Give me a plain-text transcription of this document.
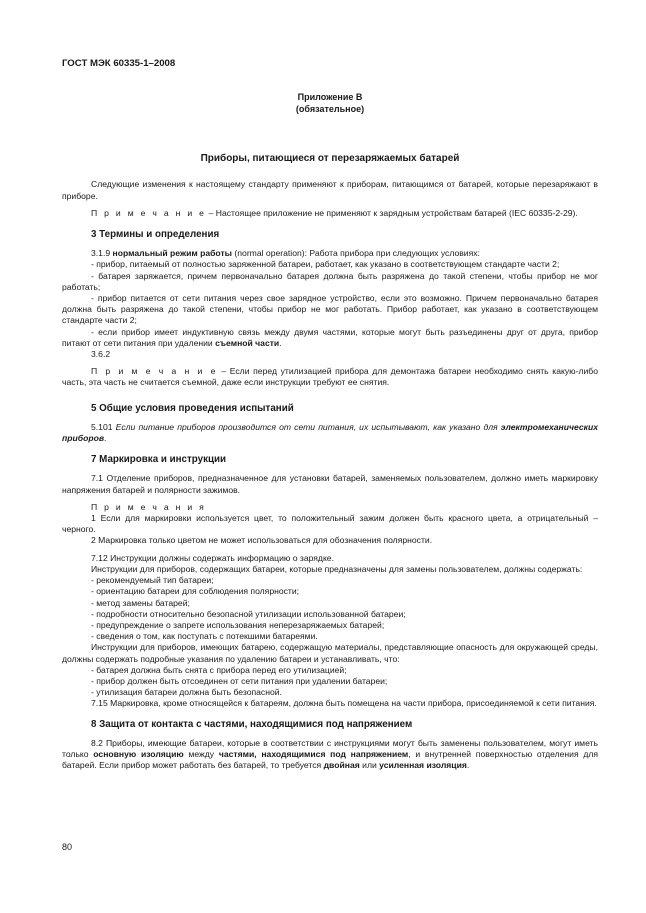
ГОСТ МЭК 60335-1–2008
Приложение В
(обязательное)
Приборы, питающиеся от перезаряжаемых батарей

Следующие изменения к настоящему стандарту применяют к приборам, питающимся от батарей, которые перезаряжают в приборе.

П р и м е ч а н и е – Настоящее приложение не применяют к зарядным устройствам батарей (IEC 60335-2-29).

3 Термины и определения

3.1.9 нормальный режим работы (normal operation): Работа прибора при следующих условиях:

- прибор, питаемый от полностью заряженной батареи, работает, как указано в соответствующем стандарте части 2;

- батарея заряжается, причем первоначально батарея должна быть разряжена до такой степени, чтобы прибор не мог работать;

- прибор питается от сети питания через свое зарядное устройство, если это возможно. Причем первоначально батарея должна быть разряжена до такой степени, чтобы прибор не мог работать. Прибор работает, как указано в соответствующем стандарте части 2;

- если прибор имеет индуктивную связь между двумя частями, которые могут быть разъединены друг от друга, прибор питают от сети питания при удалении съемной части.

3.6.2

П р и м е ч а н и е – Если перед утилизацией прибора для демонтажа батареи необходимо снять какую-либо часть, эта часть не считается съемной, даже если инструкции требуют ее снятия.

5 Общие условия проведения испытаний

5.101 Если питание приборов производится от сети питания, их испытывают, как указано для электромеханических приборов.

7 Маркировка и инструкции

7.1 Отделение приборов, предназначенное для установки батарей, заменяемых пользователем, должно иметь маркировку напряжения батарей и полярности зажимов.

П р и м е ч а н и я

1 Если для маркировки используется цвет, то положительный зажим должен быть красного цвета, а отрицательный – черного.

2 Маркировка только цветом не может использоваться для обозначения полярности.

7.12 Инструкции должны содержать информацию о зарядке.

Инструкции для приборов, содержащих батареи, которые предназначены для замены пользователем, должны содержать:

- рекомендуемый тип батареи;

- ориентацию батареи для соблюдения полярности;

- метод замены батарей;

- подробности относительно безопасной утилизации использованной батареи;

- предупреждение о запрете использования неперезаряжаемых батарей;

- сведения о том, как поступать с потекшими батареями.

Инструкции для приборов, имеющих батарею, содержащую материалы, представляющие опасность для окружающей среды, должны содержать подробные указания по удалению батареи и устанавливать, что:

- батарея должна быть снята с прибора перед его утилизацией;

- прибор должен быть отсоединен от сети питания при удалении батареи;

- утилизация батареи должна быть безопасной.

7.15 Маркировка, кроме относящейся к батареям, должна быть помещена на части прибора, присоединяемой к сети питания.

8 Защита от контакта с частями, находящимися под напряжением

8.2 Приборы, имеющие батареи, которые в соответствии с инструкциями могут быть заменены пользователем, могут иметь только основную изоляцию между частями, находящимися под напряжением, и внутренней поверхностью отделения для батарей. Если прибор может работать без батарей, то требуется двойная или усиленная изоляция.

80
